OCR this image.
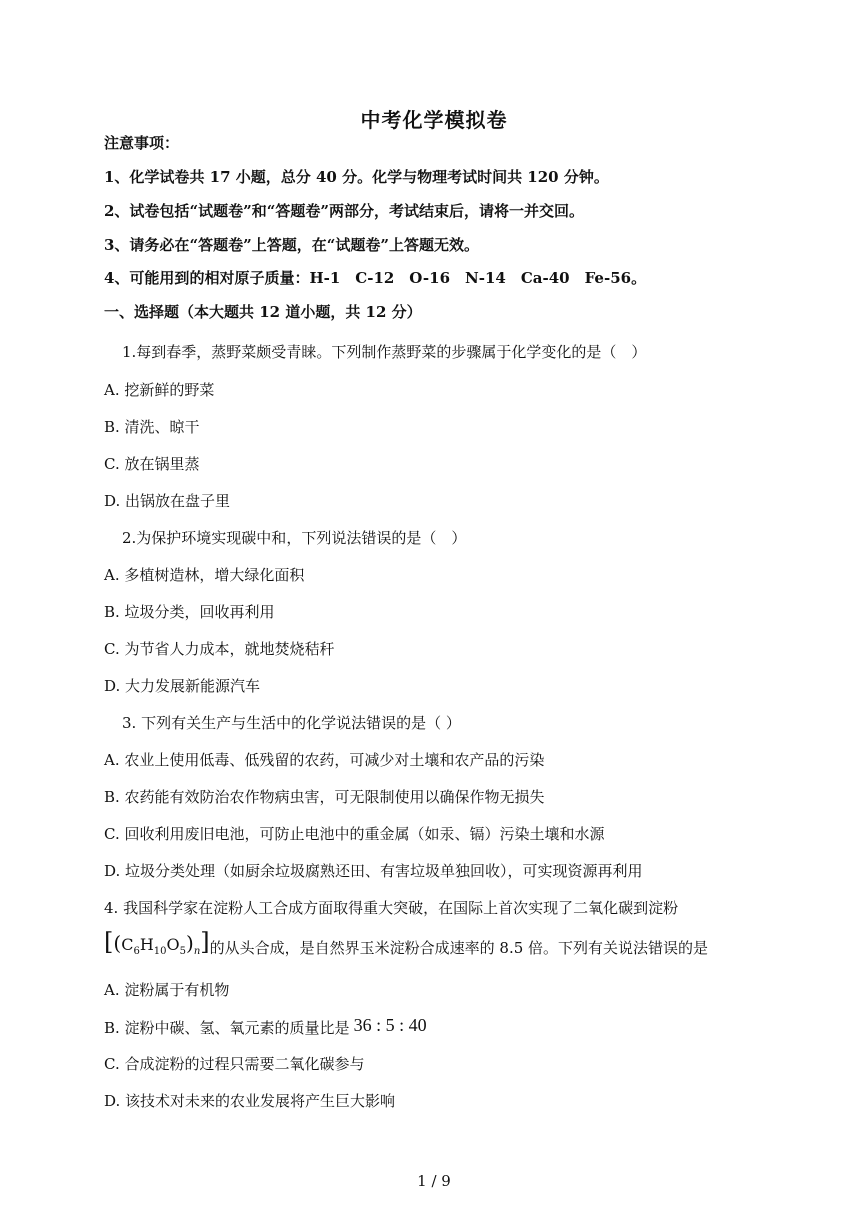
中考化学模拟卷
注意事项：
1、化学试卷共 17 小题，总分 40 分。化学与物理考试时间共 120 分钟。
2、试卷包括“试题卷”和“答题卷”两部分，考试结束后，请将一并交回。
3、请务必在“答题卷”上答题，在“试题卷”上答题无效。
4、可能用到的相对原子质量：H-1　C-12　O-16　N-14　Ca-40　Fe-56。
一、选择题（本大题共 12 道小题，共 12 分）
1.每到春季，蒸野菜颇受青睐。下列制作蒸野菜的步骤属于化学变化的是（　）
A. 挖新鲜的野菜
B. 清洗、晾干
C. 放在锅里蒸
D. 出锅放在盘子里
2.为保护环境实现碳中和，下列说法错误的是（　）
A. 多植树造林，增大绿化面积
B. 垃圾分类，回收再利用
C. 为节省人力成本，就地焚烧秸秆
D. 大力发展新能源汽车
3. 下列有关生产与生活中的化学说法错误的是（ ）
A. 农业上使用低毒、低残留的农药，可减少对土壤和农产品的污染
B. 农药能有效防治农作物病虫害，可无限制使用以确保作物无损失
C. 回收利用废旧电池，可防止电池中的重金属（如汞、镉）污染土壤和水源
D. 垃圾分类处理（如厨余垃圾腐熟还田、有害垃圾单独回收），可实现资源再利用
4. 我国科学家在淀粉人工合成方面取得重大突破，在国际上首次实现了二氧化碳到淀粉
$[(C_6H_{10}O_5)_n]$ 的从头合成，是自然界玉米淀粉合成速率的 8.5 倍。下列有关说法错误的是
A. 淀粉属于有机物
B. 淀粉中碳、氢、氧元素的质量比是 36 : 5 : 40
C. 合成淀粉的过程只需要二氧化碳参与
D. 该技术对未来的农业发展将产生巨大影响
1 / 9
